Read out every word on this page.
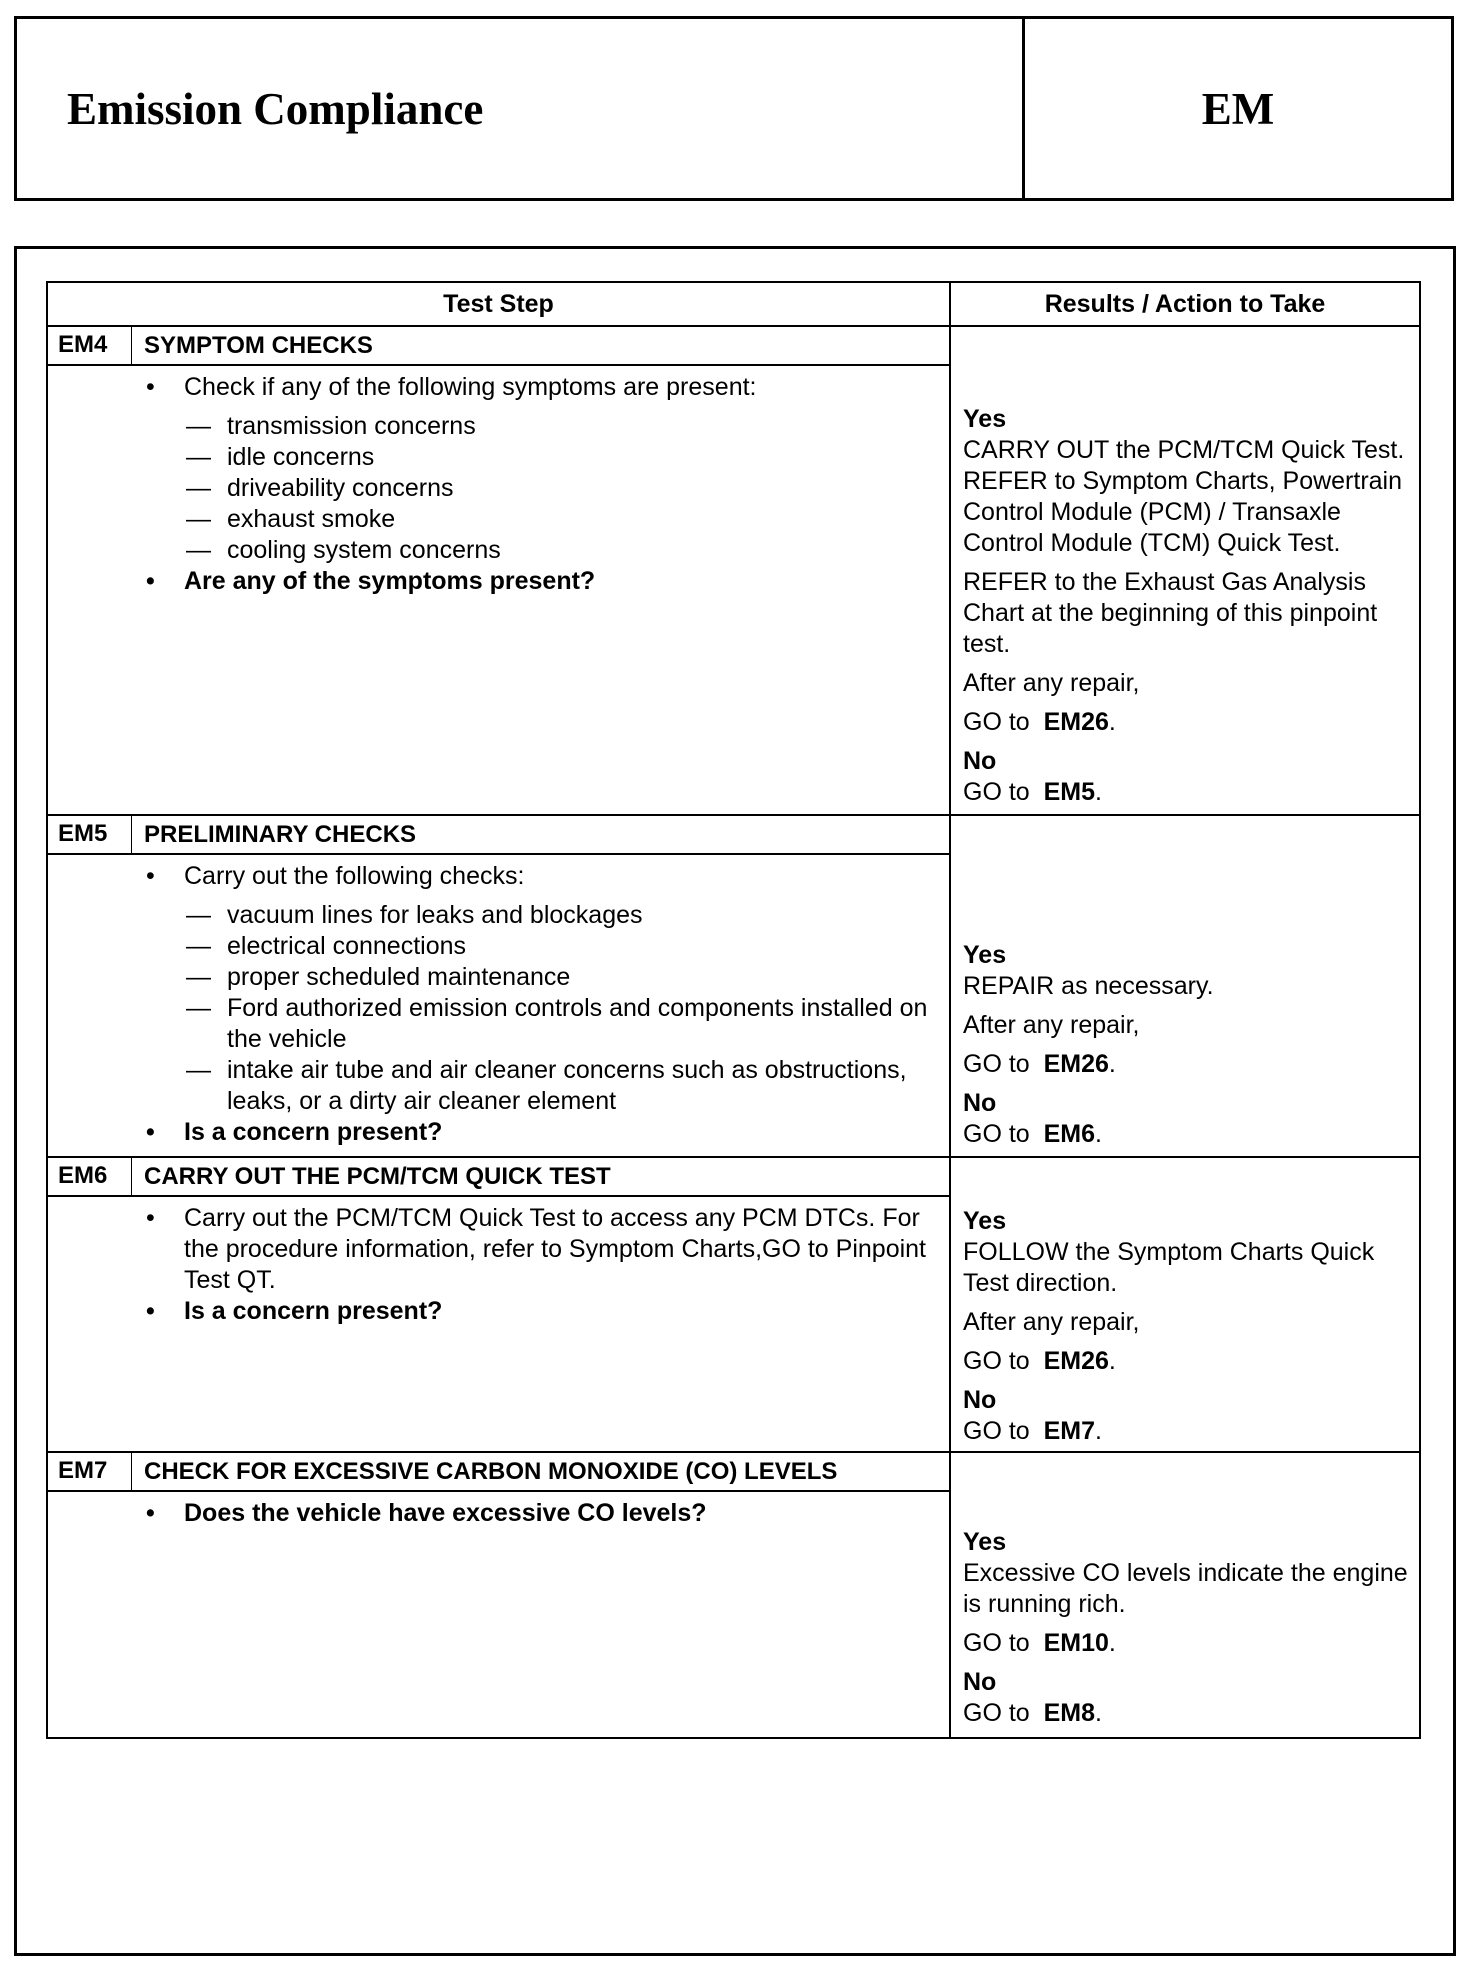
Emission Compliance	EM
Test Step	Results / Action to Take
EM4	SYMPTOM CHECKS
•	Check if any of the following symptoms are present:
— transmission concerns
— idle concerns
— driveability concerns
— exhaust smoke
— cooling system concerns
•	Are any of the symptoms present?
Yes
CARRY OUT the PCM/TCM Quick Test. REFER to Symptom Charts, Powertrain Control Module (PCM) / Transaxle Control Module (TCM) Quick Test.
REFER to the Exhaust Gas Analysis Chart at the beginning of this pinpoint test.
After any repair,
GO to EM26.
No
GO to EM5.
EM5	PRELIMINARY CHECKS
•	Carry out the following checks:
— vacuum lines for leaks and blockages
— electrical connections
— proper scheduled maintenance
— Ford authorized emission controls and components installed on the vehicle
— intake air tube and air cleaner concerns such as obstructions, leaks, or a dirty air cleaner element
•	Is a concern present?
Yes
REPAIR as necessary.
After any repair,
GO to EM26.
No
GO to EM6.
EM6	CARRY OUT THE PCM/TCM QUICK TEST
•	Carry out the PCM/TCM Quick Test to access any PCM DTCs. For the procedure information, refer to Symptom Charts,GO to Pinpoint Test QT.
•	Is a concern present?
Yes
FOLLOW the Symptom Charts Quick Test direction.
After any repair,
GO to EM26.
No
GO to EM7.
EM7	CHECK FOR EXCESSIVE CARBON MONOXIDE (CO) LEVELS
•	Does the vehicle have excessive CO levels?
Yes
Excessive CO levels indicate the engine is running rich.
GO to EM10.
No
GO to EM8.
